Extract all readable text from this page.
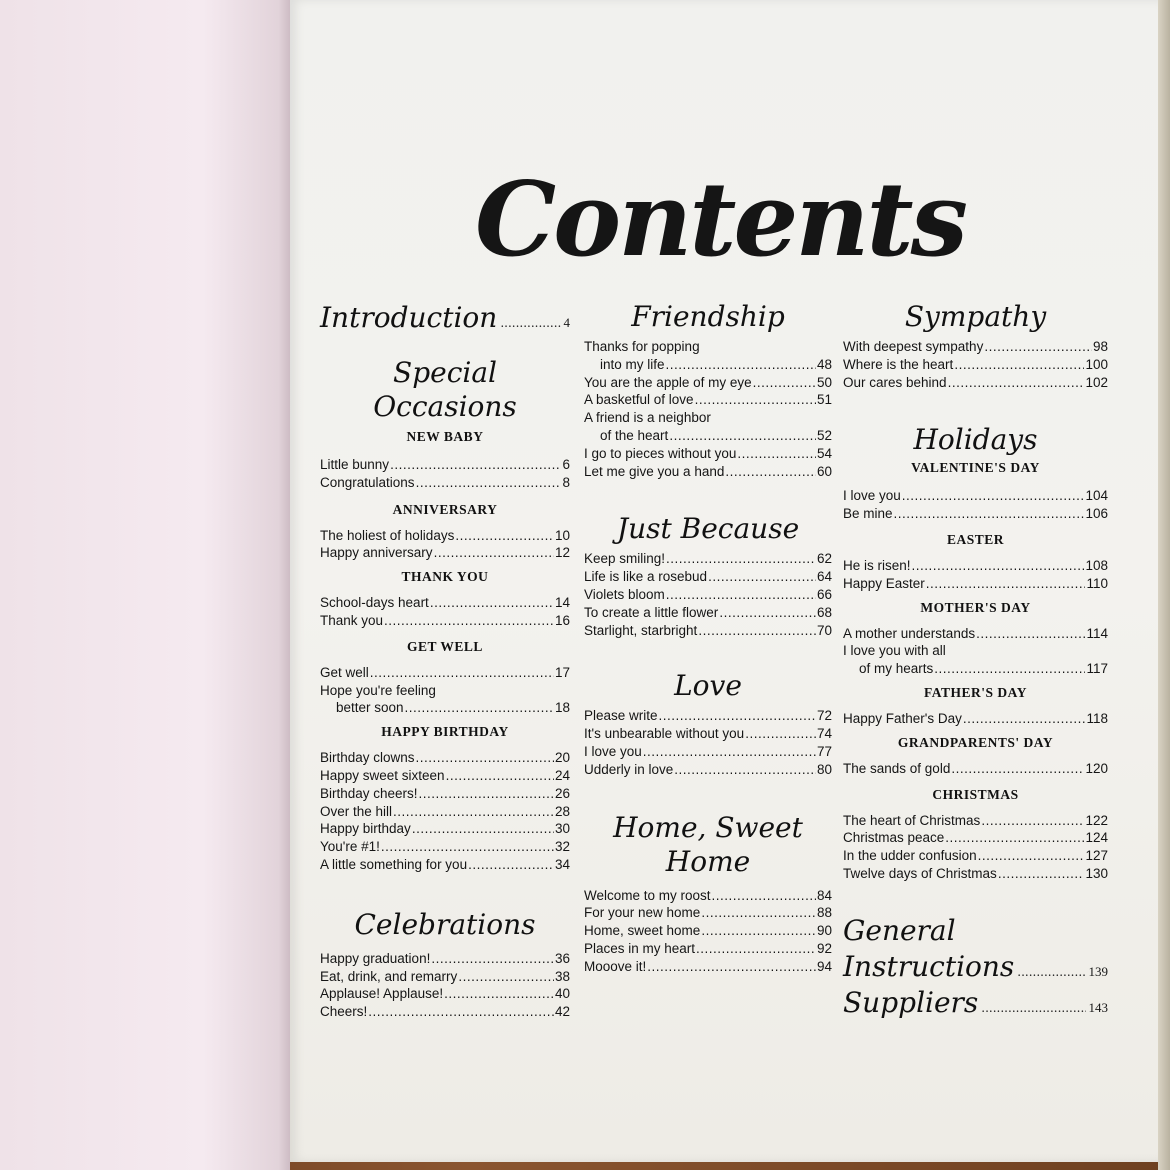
Contents
Introduction .....	4
Special
Occasions
NEW BABY
Little bunny .....	6
Congratulations .....	8
ANNIVERSARY
The holiest of holidays .....	10
Happy anniversary .....	12
THANK YOU
School-days heart .....	14
Thank you .....	16
GET WELL
Get well .....	17
Hope you're feeling
better soon .....	18
HAPPY BIRTHDAY
Birthday clowns .....	20
Happy sweet sixteen .....	24
Birthday cheers! .....	26
Over the hill .....	28
Happy birthday .....	30
You're #1! .....	32
A little something for you .....	34
Celebrations
Happy graduation! .....	36
Eat, drink, and remarry .....	38
Applause! Applause! .....	40
Cheers! .....	42
Friendship
Thanks for popping
into my life .....	48
You are the apple of my eye .....	50
A basketful of love .....	51
A friend is a neighbor
of the heart .....	52
I go to pieces without you .....	54
Let me give you a hand .....	60
Just Because
Keep smiling! .....	62
Life is like a rosebud .....	64
Violets bloom .....	66
To create a little flower .....	68
Starlight, starbright .....	70
Love
Please write .....	72
It's unbearable without you .....	74
I love you .....	77
Udderly in love .....	80
Home, Sweet
Home
Welcome to my roost .....	84
For your new home .....	88
Home, sweet home .....	90
Places in my heart .....	92
Mooove it! .....	94
Sympathy
With deepest sympathy .....	98
Where is the heart .....	100
Our cares behind .....	102
Holidays
VALENTINE'S DAY
I love you .....	104
Be mine .....	106
EASTER
He is risen! .....	108
Happy Easter .....	110
MOTHER'S DAY
A mother understands .....	114
I love you with all
of my hearts .....	117
FATHER'S DAY
Happy Father's Day .....	118
GRANDPARENTS' DAY
The sands of gold .....	120
CHRISTMAS
The heart of Christmas .....	122
Christmas peace .....	124
In the udder confusion .....	127
Twelve days of Christmas .....	130
General
Instructions .....	139
Suppliers .....	143
